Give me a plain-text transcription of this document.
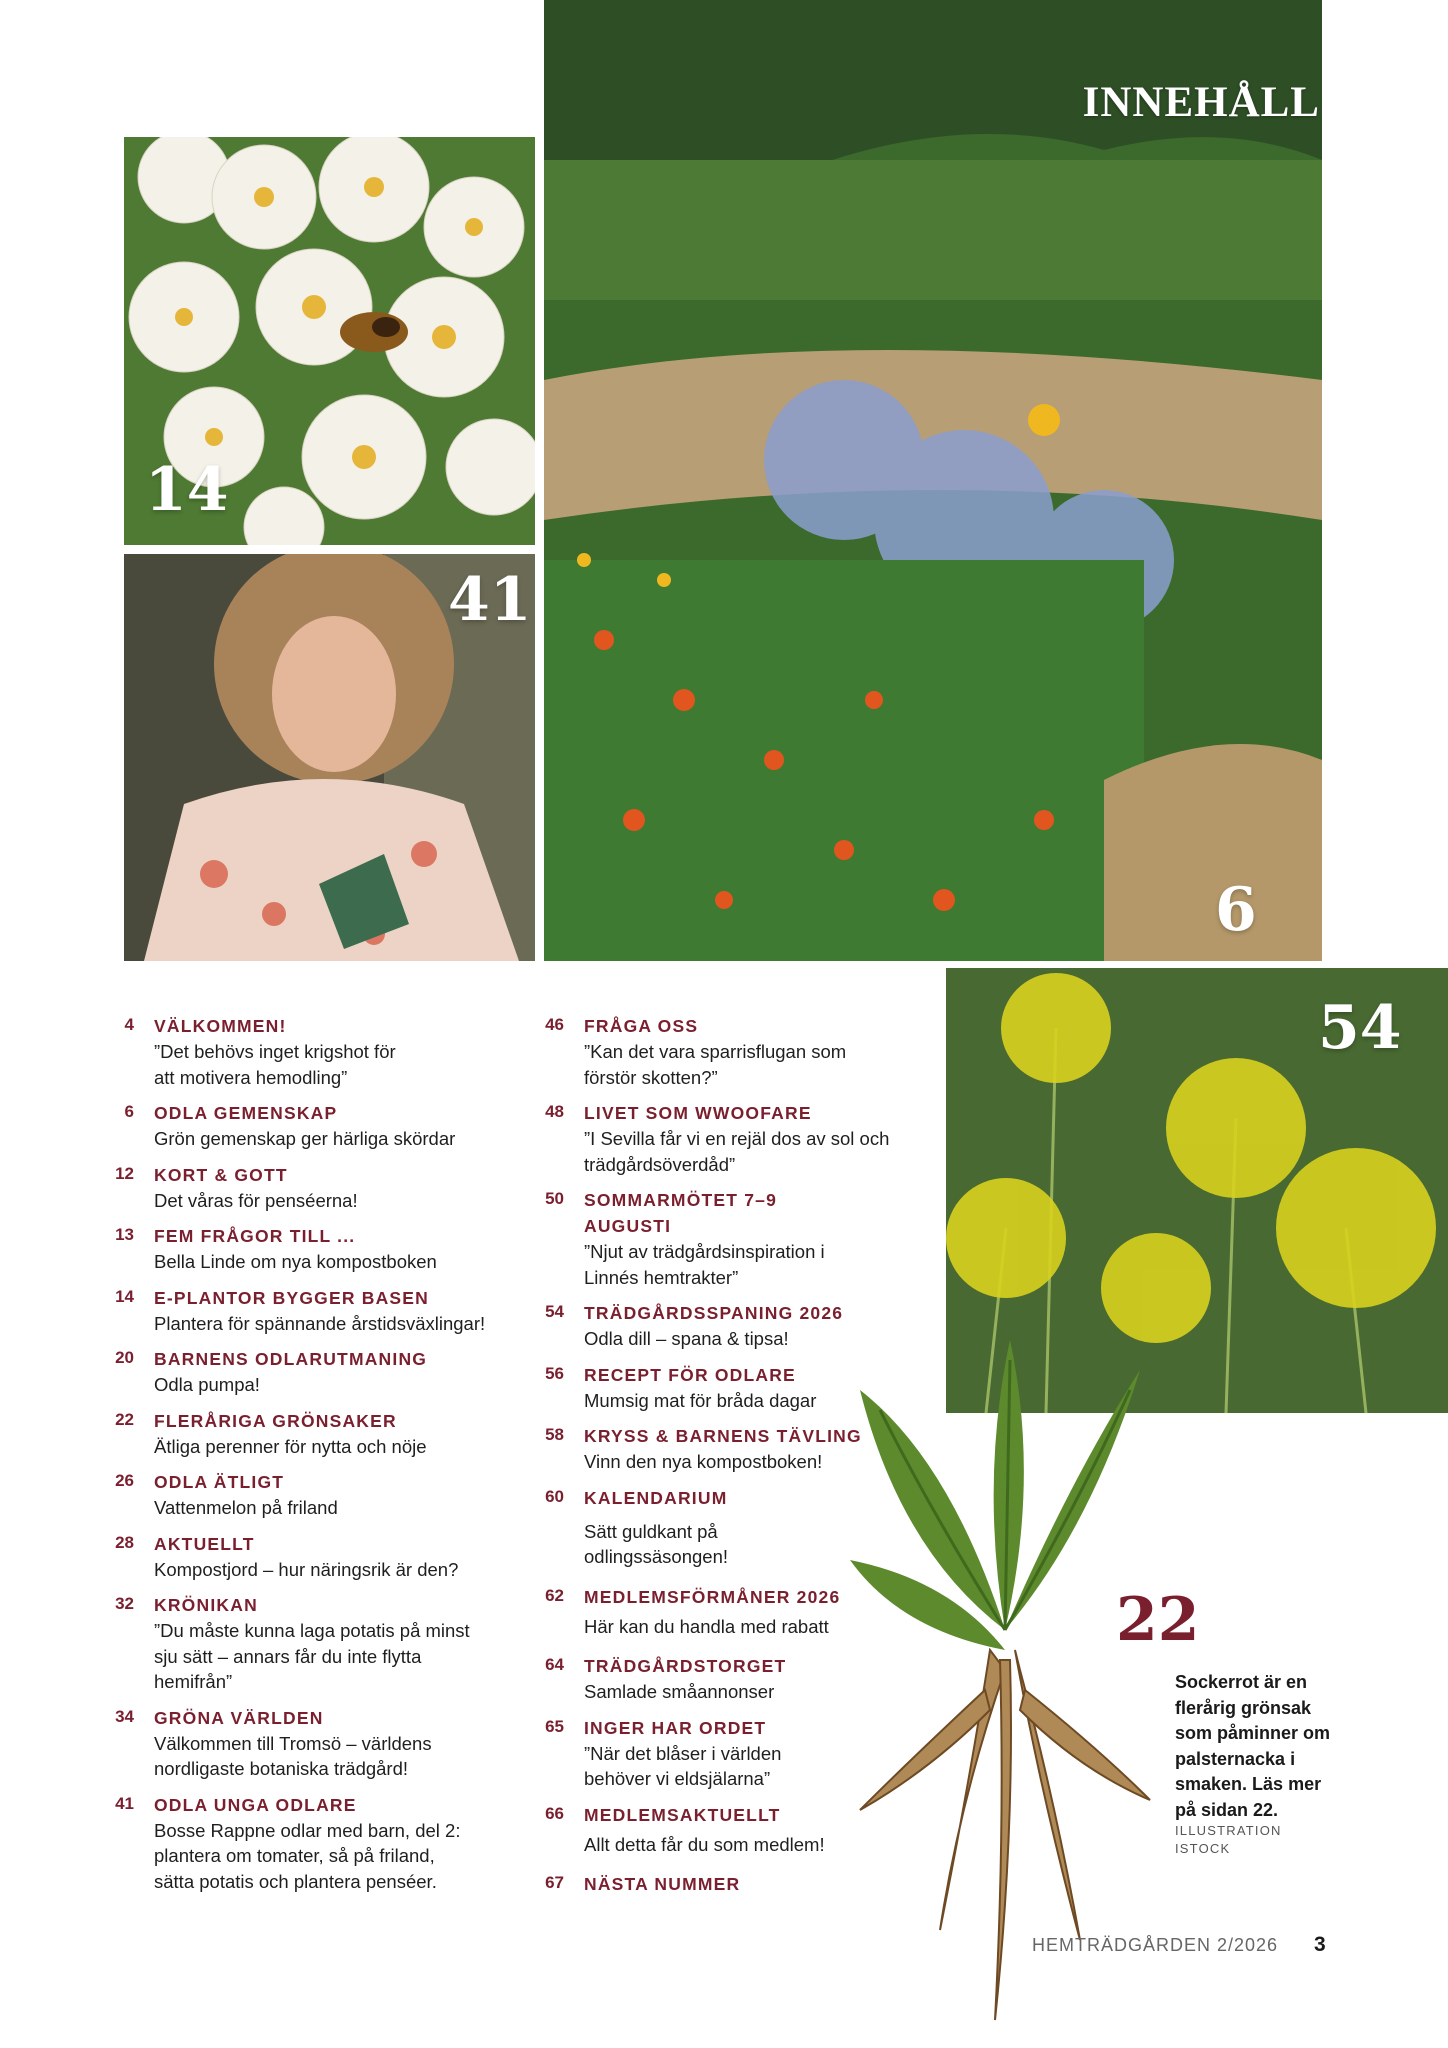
14
41
INNEHÅLL
6
54
4 VÄLKOMMEN!
”Det behövs inget krigshot för att motivera hemodling”
6 ODLA GEMENSKAP
Grön gemenskap ger härliga skördar
12 KORT & GOTT
Det våras för penséerna!
13 FEM FRÅGOR TILL ...
Bella Linde om nya kompostboken
14 E-PLANTOR BYGGER BASEN
Plantera för spännande årstidsväxlingar!
20 BARNENS ODLARUTMANING
Odla pumpa!
22 FLERÅRIGA GRÖNSAKER
Ätliga perenner för nytta och nöje
26 ODLA ÄTLIGT
Vattenmelon på friland
28 AKTUELLT
Kompostjord – hur näringsrik är den?
32 KRÖNIKAN
”Du måste kunna laga potatis på minst sju sätt – annars får du inte flytta hemifrån”
34 GRÖNA VÄRLDEN
Välkommen till Tromsö – världens nordligaste botaniska trädgård!
41 ODLA UNGA ODLARE
Bosse Rappne odlar med barn, del 2: plantera om tomater, så på friland, sätta potatis och plantera penséer.
46 FRÅGA OSS
”Kan det vara sparrisflugan som förstör skotten?”
48 LIVET SOM WWOOFARE
”I Sevilla får vi en rejäl dos av sol och trädgårdsöverdåd”
50 SOMMARMÖTET 7–9 AUGUSTI
”Njut av trädgårdsinspiration i Linnés hemtrakter”
54 TRÄDGÅRDSSPANING 2026
Odla dill – spana & tipsa!
56 RECEPT FÖR ODLARE
Mumsig mat för bråda dagar
58 KRYSS & BARNENS TÄVLING
Vinn den nya kompostboken!
60 KALENDARIUM
Sätt guldkant på odlingssäsongen!
62 MEDLEMSFÖRMÅNER 2026
Här kan du handla med rabatt
64 TRÄDGÅRDSTORGET
Samlade småannonser
65 INGER HAR ORDET
”När det blåser i världen behöver vi eldsjälarna”
66 MEDLEMSAKTUELLT
Allt detta får du som medlem!
67 NÄSTA NUMMER
22
Sockerrot är en flerårig grönsak som påminner om palsternacka i smaken. Läs mer på sidan 22.
ILLUSTRATION
ISTOCK
HEMTRÄDGÅRDEN 2/2026 3
